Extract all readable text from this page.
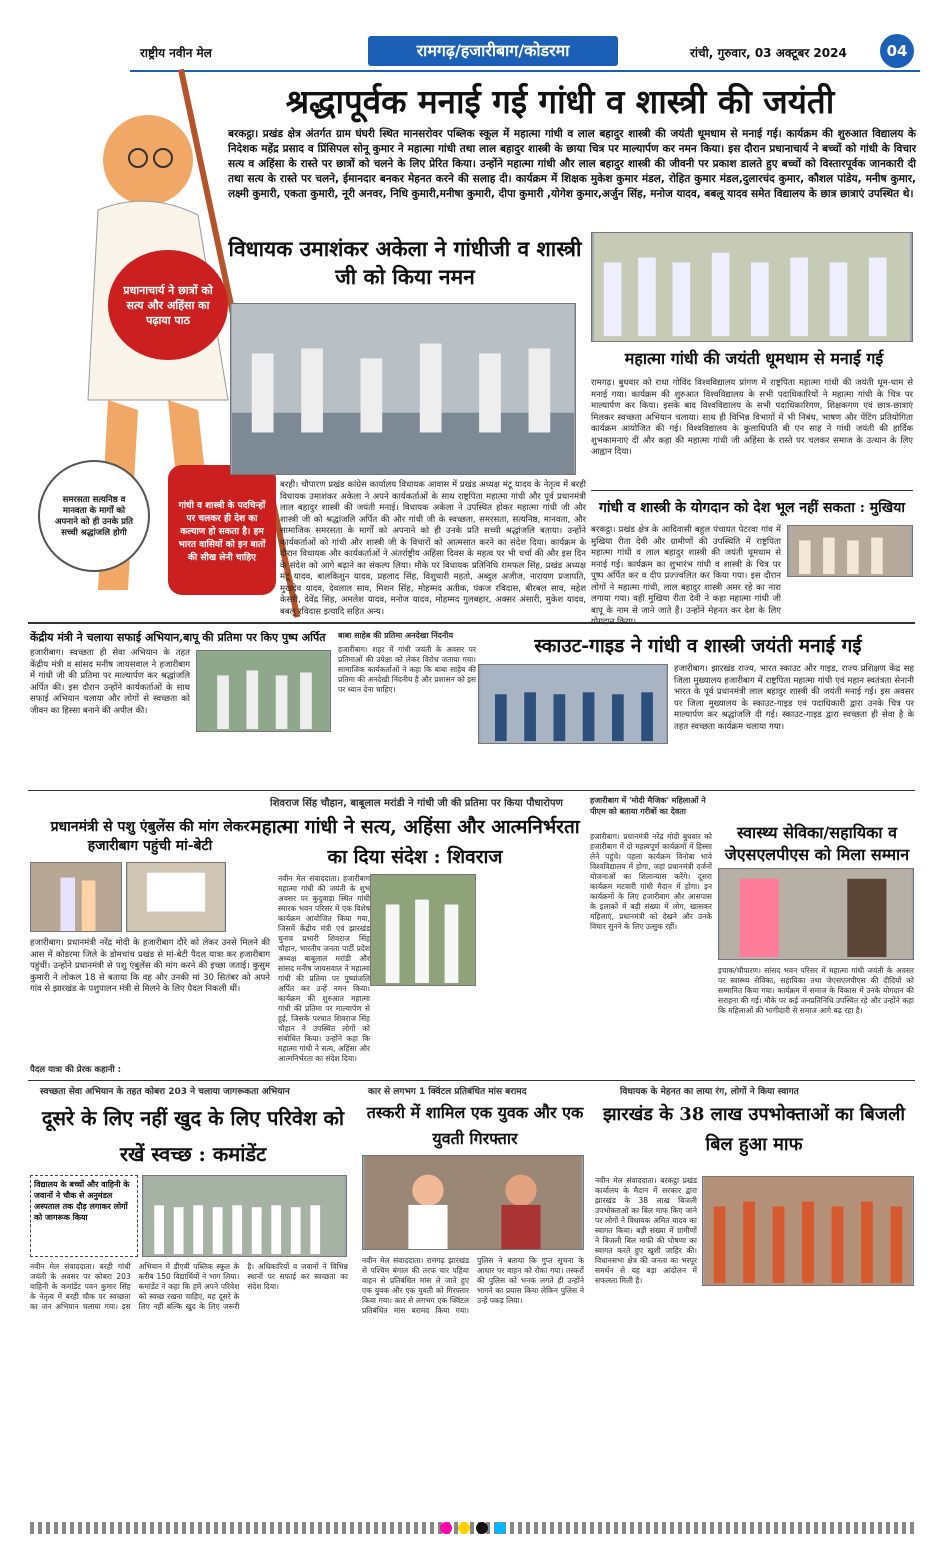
राष्ट्रीय नवीन मेल	रामगढ़/हजारीबाग/कोडरमा	रांची, गुरुवार, 03 अक्टूबर 2024	04
श्रद्धापूर्वक मनाई गई गांधी व शास्त्री की जयंती
बरकट्ठा। प्रखंड क्षेत्र अंतर्गत ग्राम घंघरी स्थित मानसरोवर पब्लिक स्कूल में महात्मा गांधी व लाल बहादुर शास्त्री की जयंती धूमधाम से मनाई गई। कार्यक्रम की शुरुआत विद्यालय के निदेशक महेंद्र प्रसाद व प्रिंसिपल सोनू कुमार ने महात्मा गांधी तथा लाल बहादुर शास्त्री के छाया चित्र पर माल्यार्पण कर नमन किया। इस दौरान प्रधानाचार्य ने बच्चों को गांधी के विचार सत्य व अहिंसा के रास्ते पर छात्रों को चलने के लिए प्रेरित किया। उन्होंने महात्मा गांधी और लाल बहादुर शास्त्री की जीवनी पर प्रकाश डालते हुए बच्चों को विस्तारपूर्वक जानकारी दी तथा सत्य के रास्ते पर चलने, ईमानदार बनकर मेहनत करने की सलाह दी। कार्यक्रम में शिक्षक मुकेश कुमार मंडल, रोहित कुमार मंडल,दुलारचंद कुमार, कौशल पांडेय, मनीष कुमार, लक्ष्मी कुमारी, एकता कुमारी, नूरी अनवर, निधि कुमारी,मनीषा कुमारी, दीपा कुमारी ,योगेश कुमार,अर्जुन सिंह, मनोज यादव, बबलू यादव समेत विद्यालय के छात्र छात्राएं उपस्थित थे।
प्रधानाचार्य ने छात्रों को सत्य और अहिंसा का पढ़ाया पाठ
समरसता सत्यनिष्ठ व मानवता के मार्गों को अपनाने को ही उनके प्रति सच्ची श्रद्धांजलि होगी
गांधी व शास्त्री के पदचिन्हों पर चलकर ही देश का कल्याण हो सकता है। हम भारत वासियों को इन बातों की सीख लेनी चाहिए
विधायक उमाशंकर अकेला ने गांधीजी व शास्त्री जी को किया नमन
बरही। चौपारण प्रखंड कांग्रेस कार्यालय विधायक आवास में प्रखंड अध्यक्ष मंटू यादव के नेतृत्व में बरही विधायक उमाशंकर अकेला ने अपने कार्यकर्ताओं के साथ राष्ट्रपिता महात्मा गांधी और पूर्व प्रधानमंत्री लाल बहादुर शास्त्री की जयंती मनाई। विधायक अकेला ने उपस्थित होकर महात्मा गांधी जी और शास्त्री जी को श्रद्धांजलि अर्पित की और गांधी जी के स्वच्छता, समरसता, सत्यनिष्ठ, मानवता, और सामाजिक समरसता के मार्गों को अपनाने को ही उनके प्रति सच्ची श्रद्धांजलि बताया। उन्होंने कार्यकर्ताओं को गांधी और शास्त्री जी के विचारों को आत्मसात करने का संदेश दिया। कार्यक्रम के दौरान विधायक और कार्यकर्ताओं ने अंतर्राष्ट्रीय अहिंसा दिवस के महत्व पर भी चर्चा की और इस दिन के संदेश को आगे बढ़ाने का संकल्प लिया। मौके पर विधायक प्रतिनिधि रामफल सिंह, प्रखंड अध्यक्ष मंटू यादव, बालकिशुन यादव, प्रहलाद सिंह, विशुधारी महतो, अब्दुल अजीज, नारायण प्रजापति, मुखदेव यादव, देवलाल साव, मिशन सिंह, मोहम्मद अतीक, पंकज रविदास, बीरबल साव, महेश केसरी, देवेंद्र सिंह, अमलेश यादव, मनोज यादव, मोहम्मद गुलबहार, अक्सर अंसारी, मुकेश यादव, बबलू रविदास इत्यादि सहित अन्य।
महात्मा गांधी की जयंती धूमधाम से मनाई गई
रामगढ़। बुधवार को राधा गोविंद विश्वविद्यालय प्रांगण में राष्ट्रपिता महात्मा गांधी की जयंती धूम-धाम से मनाई गया। कार्यक्रम की शुरुआत विश्वविद्यालय के सभी पदाधिकारियों ने महात्मा गांधी के चित्र पर माल्यार्पण कर किया। इसके बाद विश्वविद्यालय के सभी पदाधिकारिगण, शिक्षकगण एवं छात्र-छात्राएं मिलकर स्वच्छता अभियान चलाया। साथ ही विभिन्न विभागों में भी निबंध, भाषण और पेंटिंग प्रतियोगिता कार्यक्रम आयोजित की गई। विश्वविद्यालय के कुलाधिपति बी एन साह ने गांधी जयंती की हार्दिक शुभकामनाएं दीं और कहा की महात्मा गांधी जी अहिंसा के रास्ते पर चलकर समाज के उत्थान के लिए आह्वान दिया।
गांधी व शास्त्री के योगदान को देश भूल नहीं सकता : मुखिया
बरकट्ठा। प्रखंड क्षेत्र के आदिवासी बहुल पंचायत पेटरवा गांव में मुखिया रीता देवी और ग्रामीणों की उपस्थिति में राष्ट्रपिता महात्मा गांधी व लाल बहादुर शास्त्री की जयंती धूमधाम से मनाई गई। कार्यक्रम का शुभारंभ गांधी व शास्त्री के चित्र पर पुष्प अर्पित कर व दीप प्रज्ज्वलित कर किया गया। इस दौरान लोगों ने महात्मा गांधी, लाल बहादुर शास्त्री अमर रहे का नारा लगाया गया। वहीं मुखिया रीता देवी ने कहा महात्मा गांधी जी बापू के नाम से जाने जाते हैं। उन्होंने मेहनत कर देश के लिए
केंद्रीय मंत्री ने चलाया सफाई अभियान,बापू की प्रतिमा पर किए पुष्प अर्पित
हजारीबाग। स्वच्छता ही सेवा अभियान के तहत केंद्रीय मंत्री व सांसद मनीष जायसवाल ने हजारीबाग में गांधी जी की प्रतिमा पर माल्यार्पण कर श्रद्धांजलि अर्पित की। इस दौरान उन्होंने कार्यकर्ताओं के साथ सफाई अभियान चलाया और लोगों से स्वच्छता को जीवन का हिस्सा बनाने की अपील की।
बाबा साहेब की प्रतिमा अनदेखा निंदनीय
हजारीबाग। शहर में गांधी जयंती के अवसर पर प्रतिमाओं की उपेक्षा को लेकर विरोध जताया गया। सामाजिक कार्यकर्ताओं ने कहा कि बाबा साहेब की प्रतिमा की अनदेखी निंदनीय है और प्रशासन को इस पर ध्यान देना चाहिए।
स्काउट-गाइड ने गांधी व शास्त्री जयंती मनाई गई
हजारीबाग। झारखंड राज्य, भारत स्काउट और गाइड, राज्य प्रशिक्षण केंद्र सह जिला मुख्यालय हजारीबाग में राष्ट्रपिता महात्मा गांधी एवं महान स्वतंत्रता सेनानी भारत के पूर्व प्रधानमंत्री लाल बहादुर शास्त्री की जयंती मनाई गई। इस अवसर पर जिला मुख्यालय के स्काउट-गाइड एवं पदाधिकारी द्वारा उनके चित्र पर माल्यार्पण कर श्रद्धांजलि दी गई। स्काउट-गाइड द्वारा स्वच्छता ही सेवा है के तहत स्वच्छता कार्यक्रम चलाया गया।
प्रधानमंत्री से पशु एंबुलेंस की मांग लेकर हजारीबाग पहुंची मां-बेटी
हजारीबाग। प्रधानमंत्री नरेंद्र मोदी के हजारीबाग दौरे को लेकर उनसे मिलने की आस में कोडरमा जिले के डोमचांच प्रखंड से मां-बेटी पैदल यात्रा कर हजारीबाग पहुंचीं। उन्होंने प्रधानमंत्री से पशु एंबुलेंस की मांग करने की इच्छा जताई। कुसुम कुमारी ने लोकल 18 से बताया कि वह और उनकी मां 30 सितंबर को अपने गांव से झारखंड के पशुपालन मंत्री से मिलने के लिए पैदल निकली थीं।
पैदल यात्रा की प्रेरक कहानी :
शिवराज सिंह चौहान, बाबूलाल मरांडी ने गांधी जी की प्रतिमा पर किया पौधारोपण
महात्मा गांधी ने सत्य, अहिंसा और आत्मनिर्भरता का दिया संदेश : शिवराज
नवीन मेल संवाददाता। हजारीबाग महात्मा गांधी की जयंती के शुभ अवसर पर कुदुवाड़ा स्थित गांधी स्मारक भवन परिसर में एक विशेष कार्यक्रम आयोजित किया गया, जिसमें केंद्रीय मंत्री एवं झारखंड चुनाव प्रभारी शिवराज सिंह चौहान, भारतीय जनता पार्टी प्रदेश अध्यक्ष बाबूलाल मरांडी और सांसद मनीष जायसवाल ने महात्मा गांधी की प्रतिमा पर पुष्पांजलि अर्पित कर उन्हें नमन किया। कार्यक्रम की शुरुआत महात्मा गांधी की प्रतिमा पर माल्यार्पण से हुई, जिसके पश्चात शिवराज सिंह चौहान ने उपस्थित लोगों को संबोधित किया। उन्होंने कहा कि महात्मा गांधी ने सत्य, अहिंसा और आत्मनिर्भरता का संदेश दिया।
हजारीबाग में 'मोदी मैजिक' महिलाओं ने पीएम को बताया गरीबों का देवता
हजारीबाग। प्रधानमंत्री नरेंद्र मोदी बुधवार को हजारीबाग में दो महत्वपूर्ण कार्यक्रमों में हिस्सा लेने पहुंचे। पहला कार्यक्रम विनोबा भावे विश्वविद्यालय में होगा, जहां प्रधानमंत्री दर्जनों योजनाओं का शिलान्यास करेंगे। दूसरा कार्यक्रम मटवारी गांधी मैदान में होगा। इन कार्यक्रमों के लिए हजारीबाग और आसपास के इलाकों में बड़ी संख्या में लोग, खासकर महिलाएं, प्रधानमंत्री को देखने और उनके विचार सुनने के लिए उत्सुक रहीं।
स्वास्थ्य सेविका/सहायिका व जेएसएलपीएस को मिला सम्मान
इचाक/चौपारण। सांसद भवन परिसर में महात्मा गांधी जयंती के अवसर पर स्वास्थ्य सेविका, सहायिका तथा जेएसएलपीएस की दीदियों को सम्मानित किया गया। कार्यक्रम में समाज के विकास में उनके योगदान की सराहना की गई। मौके पर कई जनप्रतिनिधि उपस्थित रहे और उन्होंने कहा कि महिलाओं की भागीदारी से समाज आगे बढ़ रहा है।
स्वच्छता सेवा अभियान के तहत कोबरा 203 ने चलाया जागरूकता अभियान
दूसरे के लिए नहीं खुद के लिए परिवेश को रखें स्वच्छ : कमांडेंट
विद्यालय के बच्चों और वाहिनी के जवानों ने चौक से अनुमंडल अस्पताल तक दौड़ लगाकर लोगों को जागरूक किया
नवीन मेल संवाददाता। बरही गांधी जयंती के अवसर पर कोबरा 203 वाहिनी के कमांडेंट पवन कुमार सिंह के नेतृत्व में बरही चौक पर स्वच्छता का जन अभियान चलाया गया। इस अभियान में डीएवी पब्लिक स्कूल के करीब 150 विद्यार्थियों ने भाग लिया। कमांडेंट ने कहा कि हमें अपने परिवेश को स्वच्छ रखना चाहिए, यह दूसरे के लिए नहीं बल्कि खुद के लिए जरूरी है। अधिकारियों व जवानों ने विभिन्न स्थानों पर सफाई कर स्वच्छता का संदेश दिया।
कार से लगभग 1 क्विंटल प्रतिबंधित मांस बरामद
तस्करी में शामिल एक युवक और एक युवती गिरफ्तार
नवीन मेल संवाददाता। रामगढ़ झारखंड से पश्चिम बंगाल की तरफ चार पहिया वाहन से प्रतिबंधित मांस ले जाते हुए एक युवक और एक युवती को गिरफ्तार किया गया। कार से लगभग एक क्विंटल प्रतिबंधित मांस बरामद किया गया। पुलिस ने बताया कि गुप्त सूचना के आधार पर वाहन को रोका गया। तस्करों की पुलिस को भनक लगते ही उन्होंने भागने का प्रयास किया लेकिन पुलिस ने उन्हें पकड़ लिया।
विधायक के मेहनत का लाया रंग, लोगों ने किया स्वागत
झारखंड के 38 लाख उपभोक्ताओं का बिजली बिल हुआ माफ
नवीन मेल संवाददाता। बरकट्ठा प्रखंड कार्यालय के मैदान में सरकार द्वारा झारखंड के 38 लाख बिजली उपभोक्ताओं का बिल माफ किए जाने पर लोगों ने विधायक अमित यादव का स्वागत किया। बड़ी संख्या में ग्रामीणों ने बिजली बिल माफी की घोषणा का स्वागत करते हुए खुशी जाहिर की। विधानसभा क्षेत्र की जनता का भरपूर समर्थन से यह बड़ा आंदोलन में सफलता मिली है।
